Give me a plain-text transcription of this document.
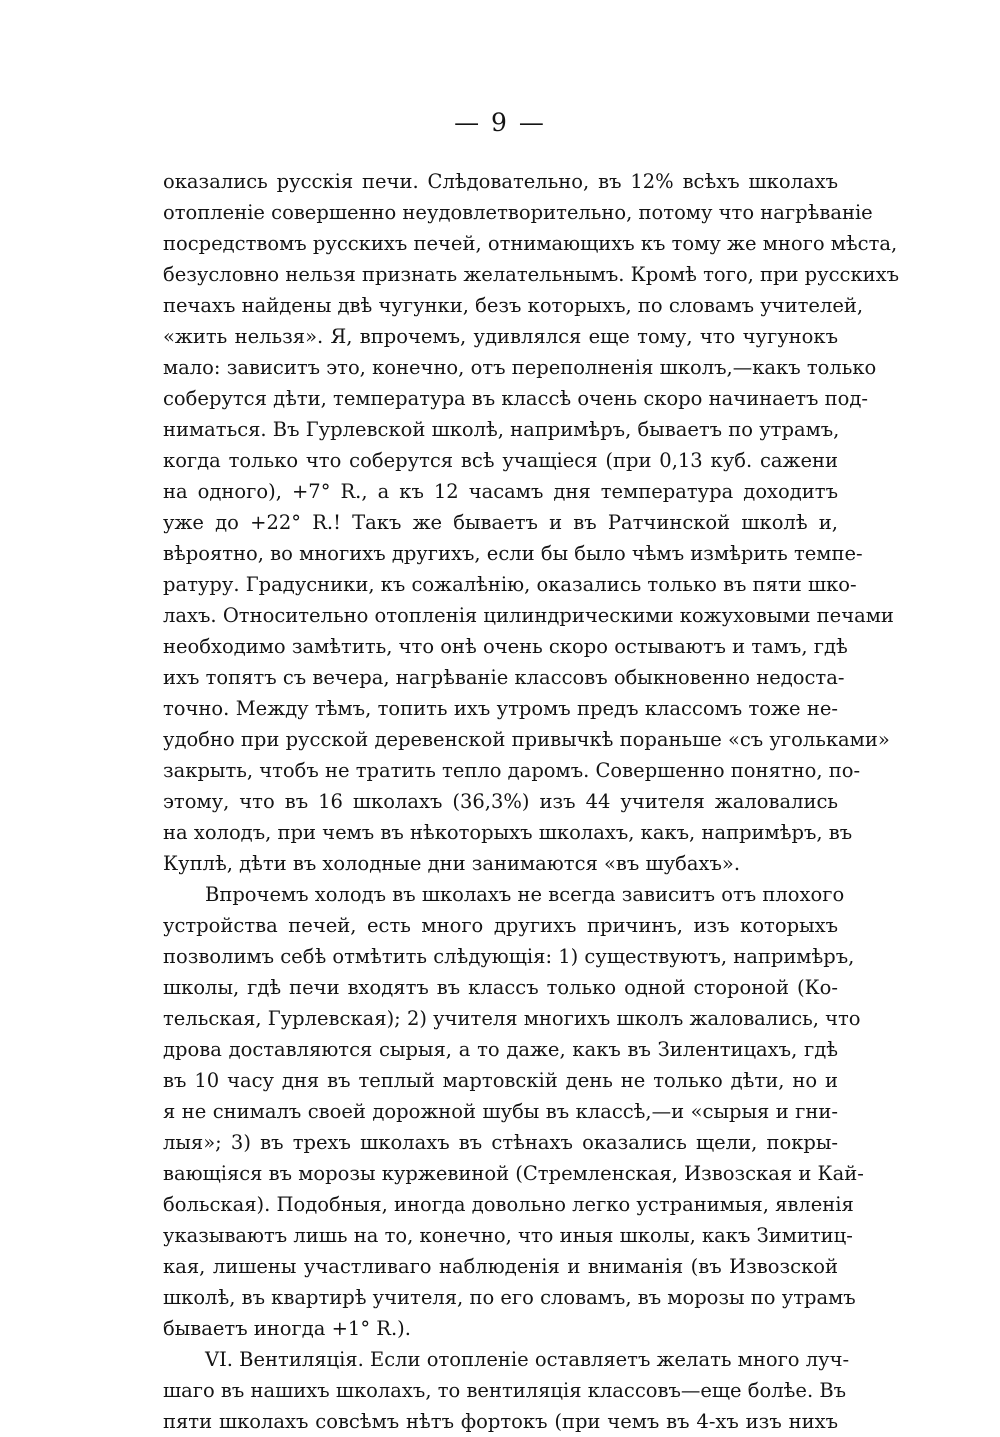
— 9 —
оказались русскія печи. Слѣдовательно, въ 12% всѣхъ школахъ
отопленіе совершенно неудовлетворительно, потому что нагрѣваніе
посредствомъ русскихъ печей, отнимающихъ къ тому же много мѣста,
безусловно нельзя признать желательнымъ. Кромѣ того, при русскихъ
печахъ найдены двѣ чугунки, безъ которыхъ, по словамъ учителей,
«жить нельзя». Я, впрочемъ, удивлялся еще тому, что чугунокъ
мало: зависитъ это, конечно, отъ переполненія школъ,—какъ только
соберутся дѣти, температура въ классѣ очень скоро начинаетъ под-
ниматься. Въ Гурлевской школѣ, напримѣръ, бываетъ по утрамъ,
когда только что соберутся всѣ учащіеся (при 0,13 куб. сажени
на одного), +7° R., а къ 12 часамъ дня температура доходитъ
уже до +22° R.! Такъ же бываетъ и въ Ратчинской школѣ и,
вѣроятно, во многихъ другихъ, если бы было чѣмъ измѣрить темпе-
ратуру. Градусники, къ сожалѣнію, оказались только въ пяти шко-
лахъ. Относительно отопленія цилиндрическими кожуховыми печами
необходимо замѣтить, что онѣ очень скоро остываютъ и тамъ, гдѣ
ихъ топятъ съ вечера, нагрѣваніе классовъ обыкновенно недоста-
точно. Между тѣмъ, топить ихъ утромъ предъ классомъ тоже не-
удобно при русской деревенской привычкѣ пораньше «съ угольками»
закрыть, чтобъ не тратить тепло даромъ. Совершенно понятно, по-
этому, что въ 16 школахъ (36,3%) изъ 44 учителя жаловались
на холодъ, при чемъ въ нѣкоторыхъ школахъ, какъ, напримѣръ, въ
Куплѣ, дѣти въ холодные дни занимаются «въ шубахъ».
Впрочемъ холодъ въ школахъ не всегда зависитъ отъ плохого
устройства печей, есть много другихъ причинъ, изъ которыхъ
позволимъ себѣ отмѣтить слѣдующія: 1) существуютъ, напримѣръ,
школы, гдѣ печи входятъ въ классъ только одной стороной (Ко-
тельская, Гурлевская); 2) учителя многихъ школъ жаловались, что
дрова доставляются сырыя, а то даже, какъ въ Зилентицахъ, гдѣ
въ 10 часу дня въ теплый мартовскій день не только дѣти, но и
я не снималъ своей дорожной шубы въ классѣ,—и «сырыя и гни-
лыя»; 3) въ трехъ школахъ въ стѣнахъ оказались щели, покры-
вающіяся въ морозы куржевиной (Стремленская, Извозская и Кай-
больская). Подобныя, иногда довольно легко устранимыя, явленія
указываютъ лишь на то, конечно, что иныя школы, какъ Зимитиц-
кая, лишены участливаго наблюденія и вниманія (въ Извозской
школѣ, въ квартирѣ учителя, по его словамъ, въ морозы по утрамъ
бываетъ иногда +1° R.).
VI. Вентиляція. Если отопленіе оставляетъ желать много луч-
шаго въ нашихъ школахъ, то вентиляція классовъ—еще болѣе. Въ
пяти школахъ совсѣмъ нѣтъ фортокъ (при чемъ въ 4-хъ изъ нихъ
